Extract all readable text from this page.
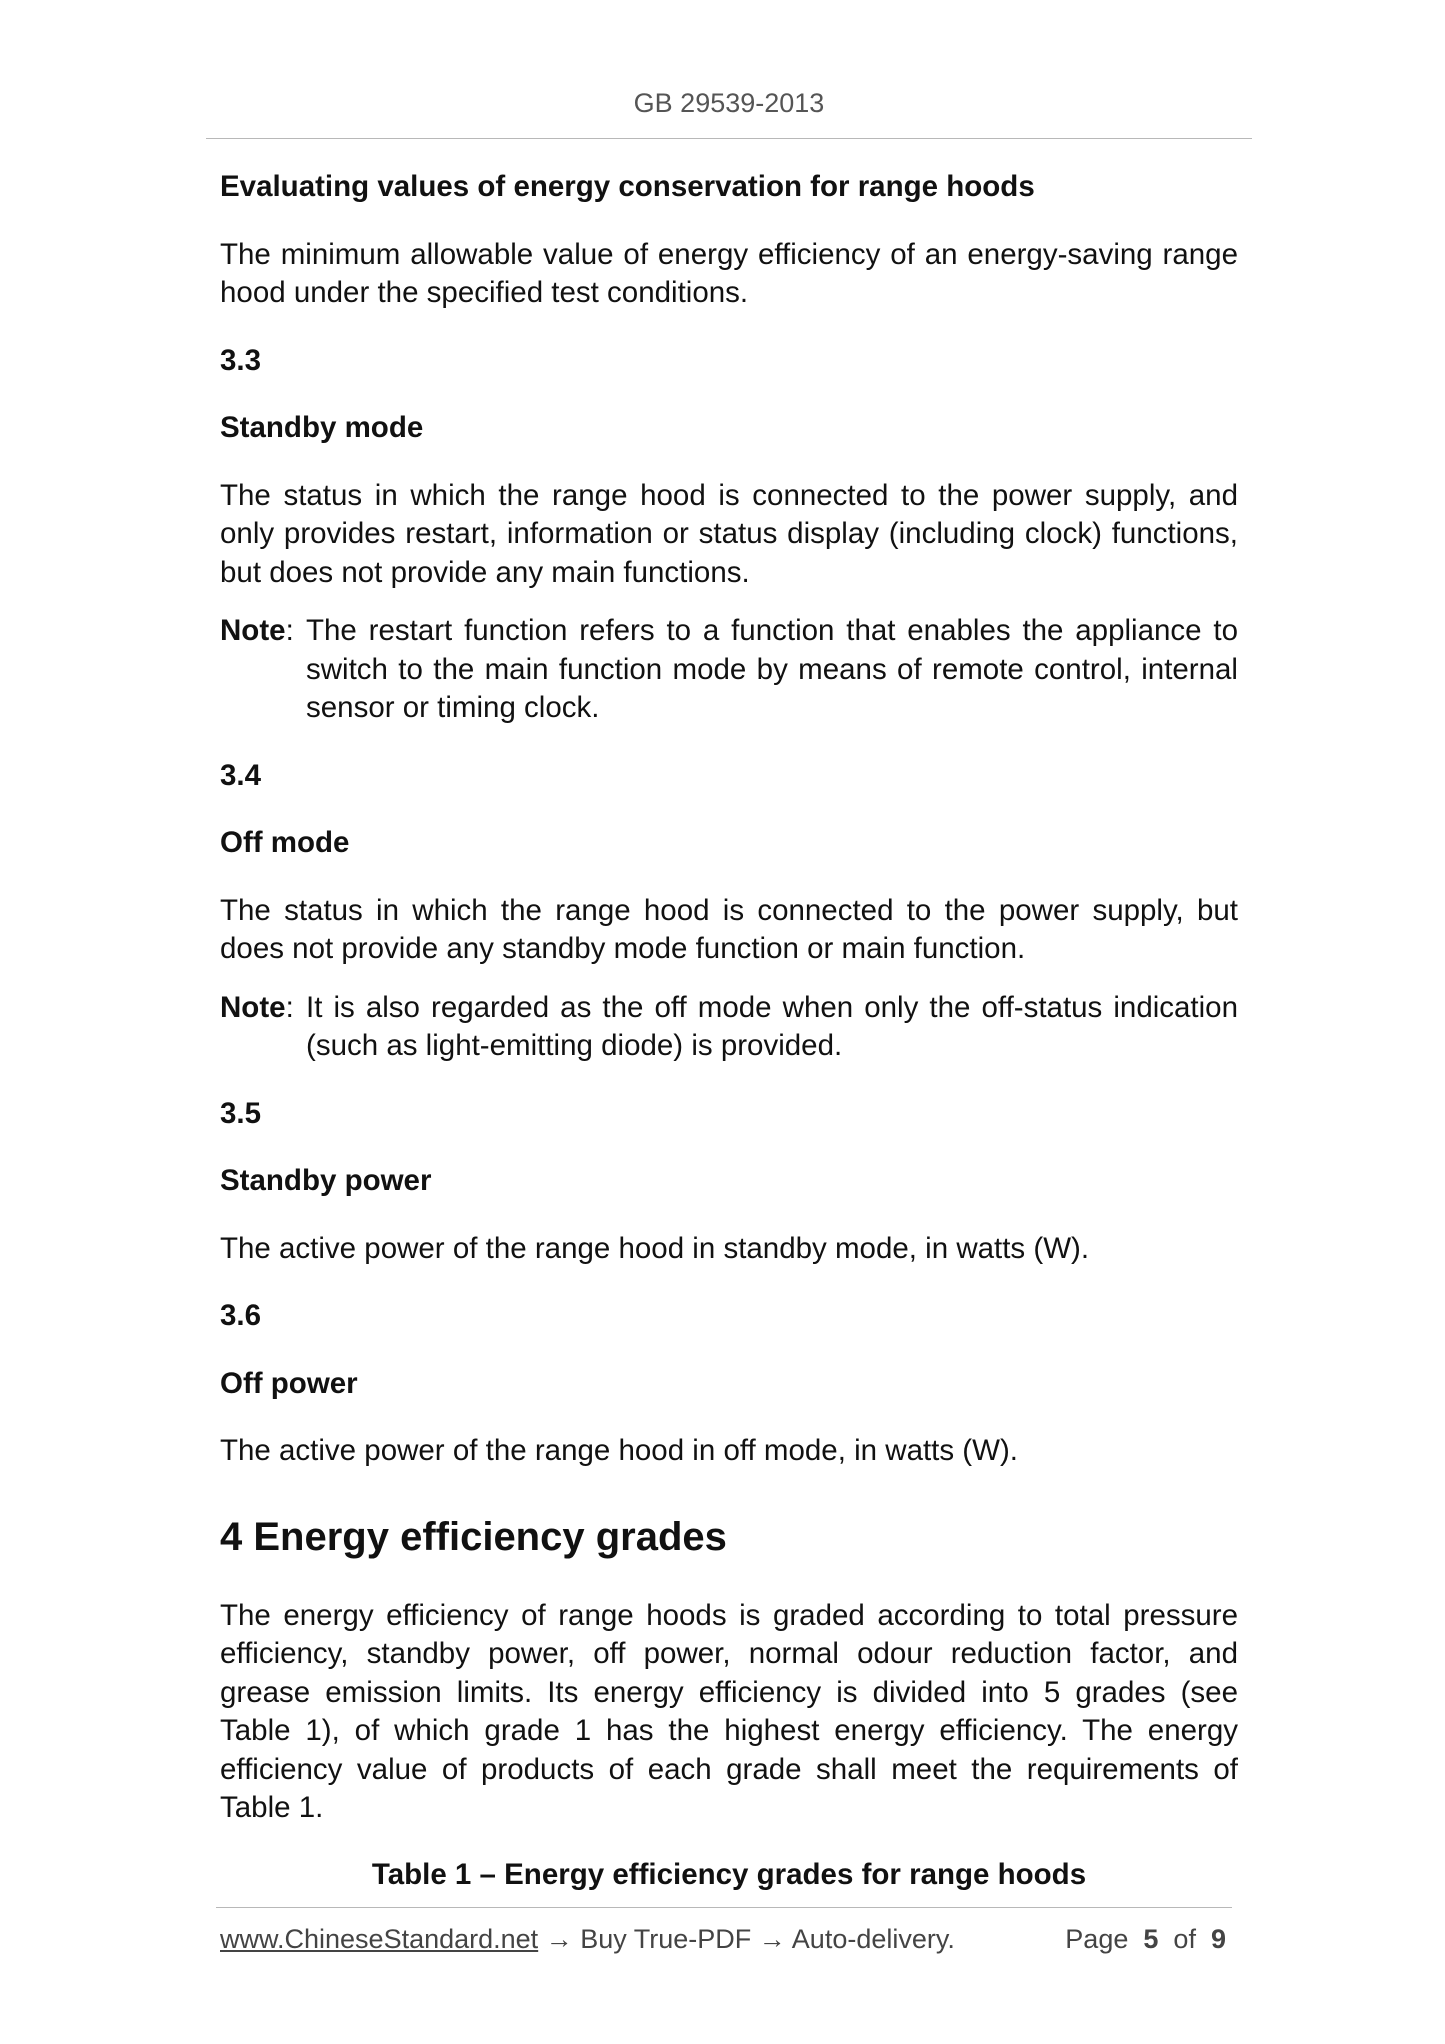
GB 29539-2013

Evaluating values of energy conservation for range hoods

The minimum allowable value of energy efficiency of an energy-saving range hood under the specified test conditions.

3.3

Standby mode

The status in which the range hood is connected to the power supply, and only provides restart, information or status display (including clock) functions, but does not provide any main functions.

Note: The restart function refers to a function that enables the appliance to switch to the main function mode by means of remote control, internal sensor or timing clock.

3.4

Off mode

The status in which the range hood is connected to the power supply, but does not provide any standby mode function or main function.

Note: It is also regarded as the off mode when only the off-status indication (such as light-emitting diode) is provided.

3.5

Standby power

The active power of the range hood in standby mode, in watts (W).

3.6

Off power

The active power of the range hood in off mode, in watts (W).

4 Energy efficiency grades

The energy efficiency of range hoods is graded according to total pressure efficiency, standby power, off power, normal odour reduction factor, and grease emission limits. Its energy efficiency is divided into 5 grades (see Table 1), of which grade 1 has the highest energy efficiency. The energy efficiency value of products of each grade shall meet the requirements of Table 1.

Table 1 – Energy efficiency grades for range hoods

www.ChineseStandard.net → Buy True-PDF → Auto-delivery.	Page 5 of 9
